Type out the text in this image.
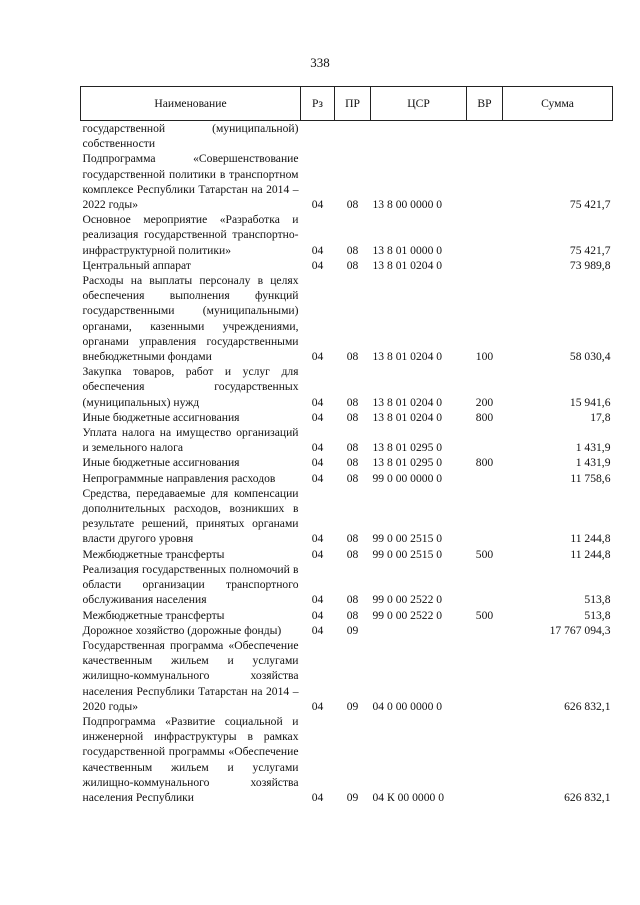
338
Наименование	Рз	ПР	ЦСР	ВР	Сумма
государственной (муниципальной) собственности					
Подпрограмма «Совершенствование государственной политики в транспортном комплексе Республики Татарстан на 2014 – 2022 годы»	04	08	13 8 00 0000 0		75 421,7
Основное мероприятие «Разработка и реализация государственной транспортно-инфраструктурной политики»	04	08	13 8 01 0000 0		75 421,7
Центральный аппарат	04	08	13 8 01 0204 0		73 989,8
Расходы на выплаты персоналу в целях обеспечения выполнения функций государственными (муниципальными) органами, казенными учреждениями, органами управления государственными внебюджетными фондами	04	08	13 8 01 0204 0	100	58 030,4
Закупка товаров, работ и услуг для обеспечения государственных (муниципальных) нужд	04	08	13 8 01 0204 0	200	15 941,6
Иные бюджетные ассигнования	04	08	13 8 01 0204 0	800	17,8
Уплата налога на имущество организаций и земельного налога	04	08	13 8 01 0295 0		1 431,9
Иные бюджетные ассигнования	04	08	13 8 01 0295 0	800	1 431,9
Непрограммные направления расходов	04	08	99 0 00 0000 0		11 758,6
Средства, передаваемые для компенсации дополнительных расходов, возникших в результате решений, принятых органами власти другого уровня	04	08	99 0 00 2515 0		11 244,8
Межбюджетные трансферты	04	08	99 0 00 2515 0	500	11 244,8
Реализация государственных полномочий в области организации транспортного обслуживания населения	04	08	99 0 00 2522 0		513,8
Межбюджетные трансферты	04	08	99 0 00 2522 0	500	513,8
Дорожное хозяйство (дорожные фонды)	04	09			17 767 094,3
Государственная программа «Обеспечение качественным жильем и услугами жилищно-коммунального хозяйства населения Республики Татарстан на 2014 – 2020 годы»	04	09	04 0 00 0000 0		626 832,1
Подпрограмма «Развитие социальной и инженерной инфраструктуры в рамках государственной программы «Обеспечение качественным жильем и услугами жилищно-коммунального хозяйства населения Республики	04	09	04 К 00 0000 0		626 832,1
